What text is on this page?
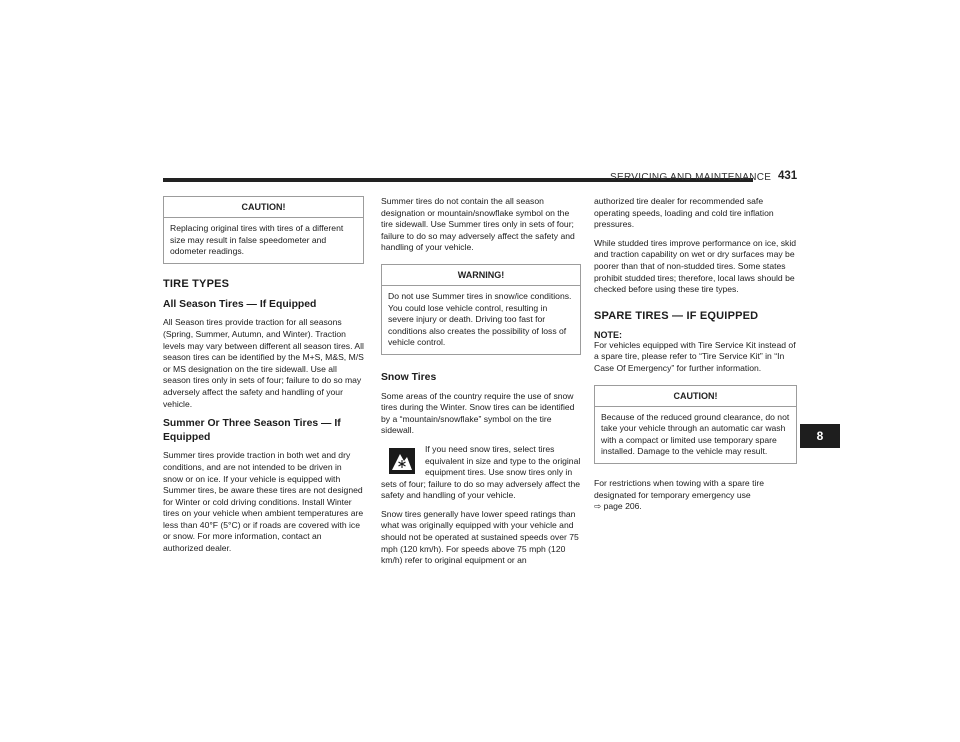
SERVICING AND MAINTENANCE 431
CAUTION!
Replacing original tires with tires of a different size may result in false speedometer and odometer readings.
TIRE TYPES
All Season Tires — If Equipped

All Season tires provide traction for all seasons (Spring, Summer, Autumn, and Winter). Traction levels may vary between different all season tires. All season tires can be identified by the M+S, M&S, M/S or MS designation on the tire sidewall. Use all season tires only in sets of four; failure to do so may adversely affect the safety and handling of your vehicle.

Summer Or Three Season Tires — If Equipped

Summer tires provide traction in both wet and dry conditions, and are not intended to be driven in snow or on ice. If your vehicle is equipped with Summer tires, be aware these tires are not designed for Winter or cold driving conditions. Install Winter tires on your vehicle when ambient temperatures are less than 40°F (5°C) or if roads are covered with ice or snow. For more information, contact an authorized dealer.

Summer tires do not contain the all season designation or mountain/snowflake symbol on the tire sidewall. Use Summer tires only in sets of four; failure to do so may adversely affect the safety and handling of your vehicle.

WARNING!
Do not use Summer tires in snow/ice conditions. You could lose vehicle control, resulting in severe injury or death. Driving too fast for conditions also creates the possibility of loss of vehicle control.
Snow Tires

Some areas of the country require the use of snow tires during the Winter. Snow tires can be identified by a “mountain/snowflake” symbol on the tire sidewall.

If you need snow tires, select tires equivalent in size and type to the original equipment tires. Use snow tires only in sets of four; failure to do so may adversely affect the safety and handling of your vehicle.

Snow tires generally have lower speed ratings than what was originally equipped with your vehicle and should not be operated at sustained speeds over 75 mph (120 km/h). For speeds above 75 mph (120 km/h) refer to original equipment or an

authorized tire dealer for recommended safe operating speeds, loading and cold tire inflation pressures.

While studded tires improve performance on ice, skid and traction capability on wet or dry surfaces may be poorer than that of non-studded tires. Some states prohibit studded tires; therefore, local laws should be checked before using these tire types.

SPARE TIRES — IF EQUIPPED
NOTE:

For vehicles equipped with Tire Service Kit instead of a spare tire, please refer to “Tire Service Kit” in “In Case Of Emergency” for further information.

CAUTION!
Because of the reduced ground clearance, do not take your vehicle through an automatic car wash with a compact or limited use temporary spare installed. Damage to the vehicle may result.

For restrictions when towing with a spare tire designated for temporary emergency use
⇨ page 206.

8
